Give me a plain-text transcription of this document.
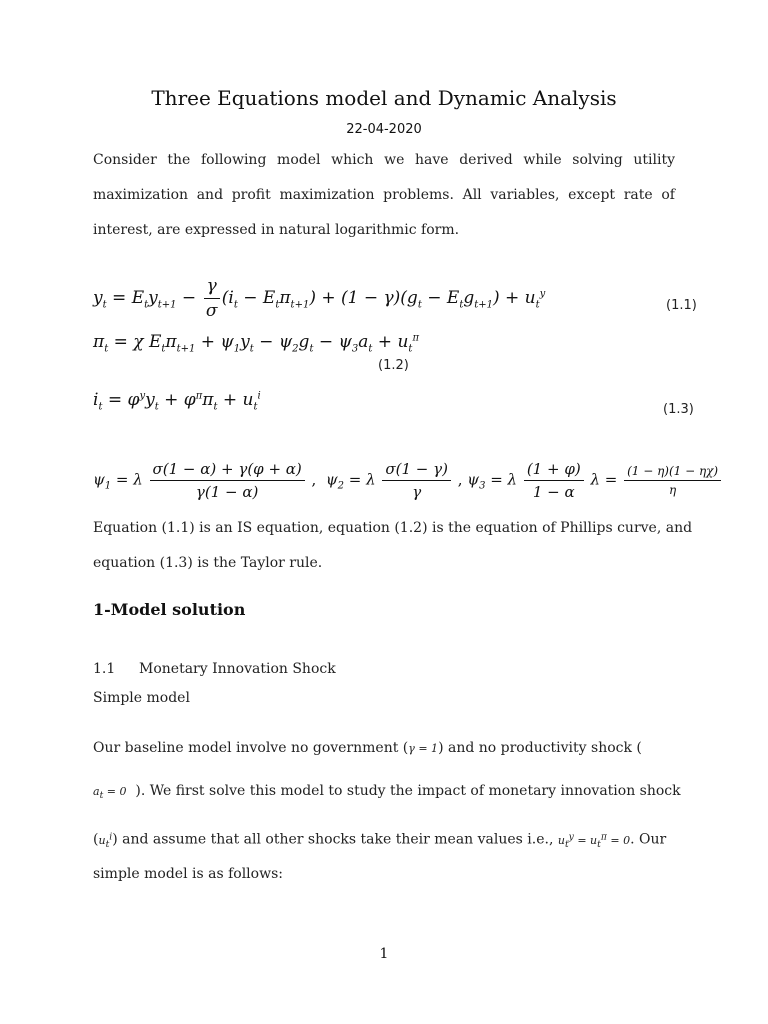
Three Equations model and Dynamic Analysis
22-04-2020
Consider the following model which we have derived while solving utility maximization and profit maximization problems. All variables, except rate of interest, are expressed in natural logarithmic form.
$y_t = E_ty_{t+1} - \frac{\gamma}{\sigma} (i_t - E_t\pi_{t+1}) + (1 - \gamma)(g_t - E_tg_{t+1}) + u_t^y$
(1.1)
$\pi_t = \chi$ $E_t\pi_{t+1} + \psi_1y_t - \psi_2g_t - \psi_3a_t + u_t^\pi$
(1.2)
$i_t = \varphi^yy_t + \varphi^\pi\pi_t + u_t^i$
(1.3)
$\psi_1 = \lambda \frac{\sigma(1 - \alpha) + \gamma(\varphi + \alpha)}{\gamma(1 - \alpha)}$ ,  $\psi_2 = \lambda \frac{\sigma(1 - \gamma)}{\gamma}$ , $\psi_3 = \lambda \frac{(1 + \varphi)}{1 - \alpha}$ $\lambda = \frac{(1 - \eta)(1 - \eta\chi)}{\eta}$
Equation (1.1) is an IS equation, equation (1.2) is the equation of Phillips curve, and
equation (1.3) is the Taylor rule.
1-Model solution
1.1 Monetary Innovation Shock
Simple model
Our baseline model involve no government (γ = 1) and no productivity shock (
$a_t = 0$ ). We first solve this model to study the impact of monetary innovation shock
$(u_t^i)$ and assume that all other shocks take their mean values i.e., $u_t^y = u_t^\pi = 0$. Our
simple model is as follows:
1
